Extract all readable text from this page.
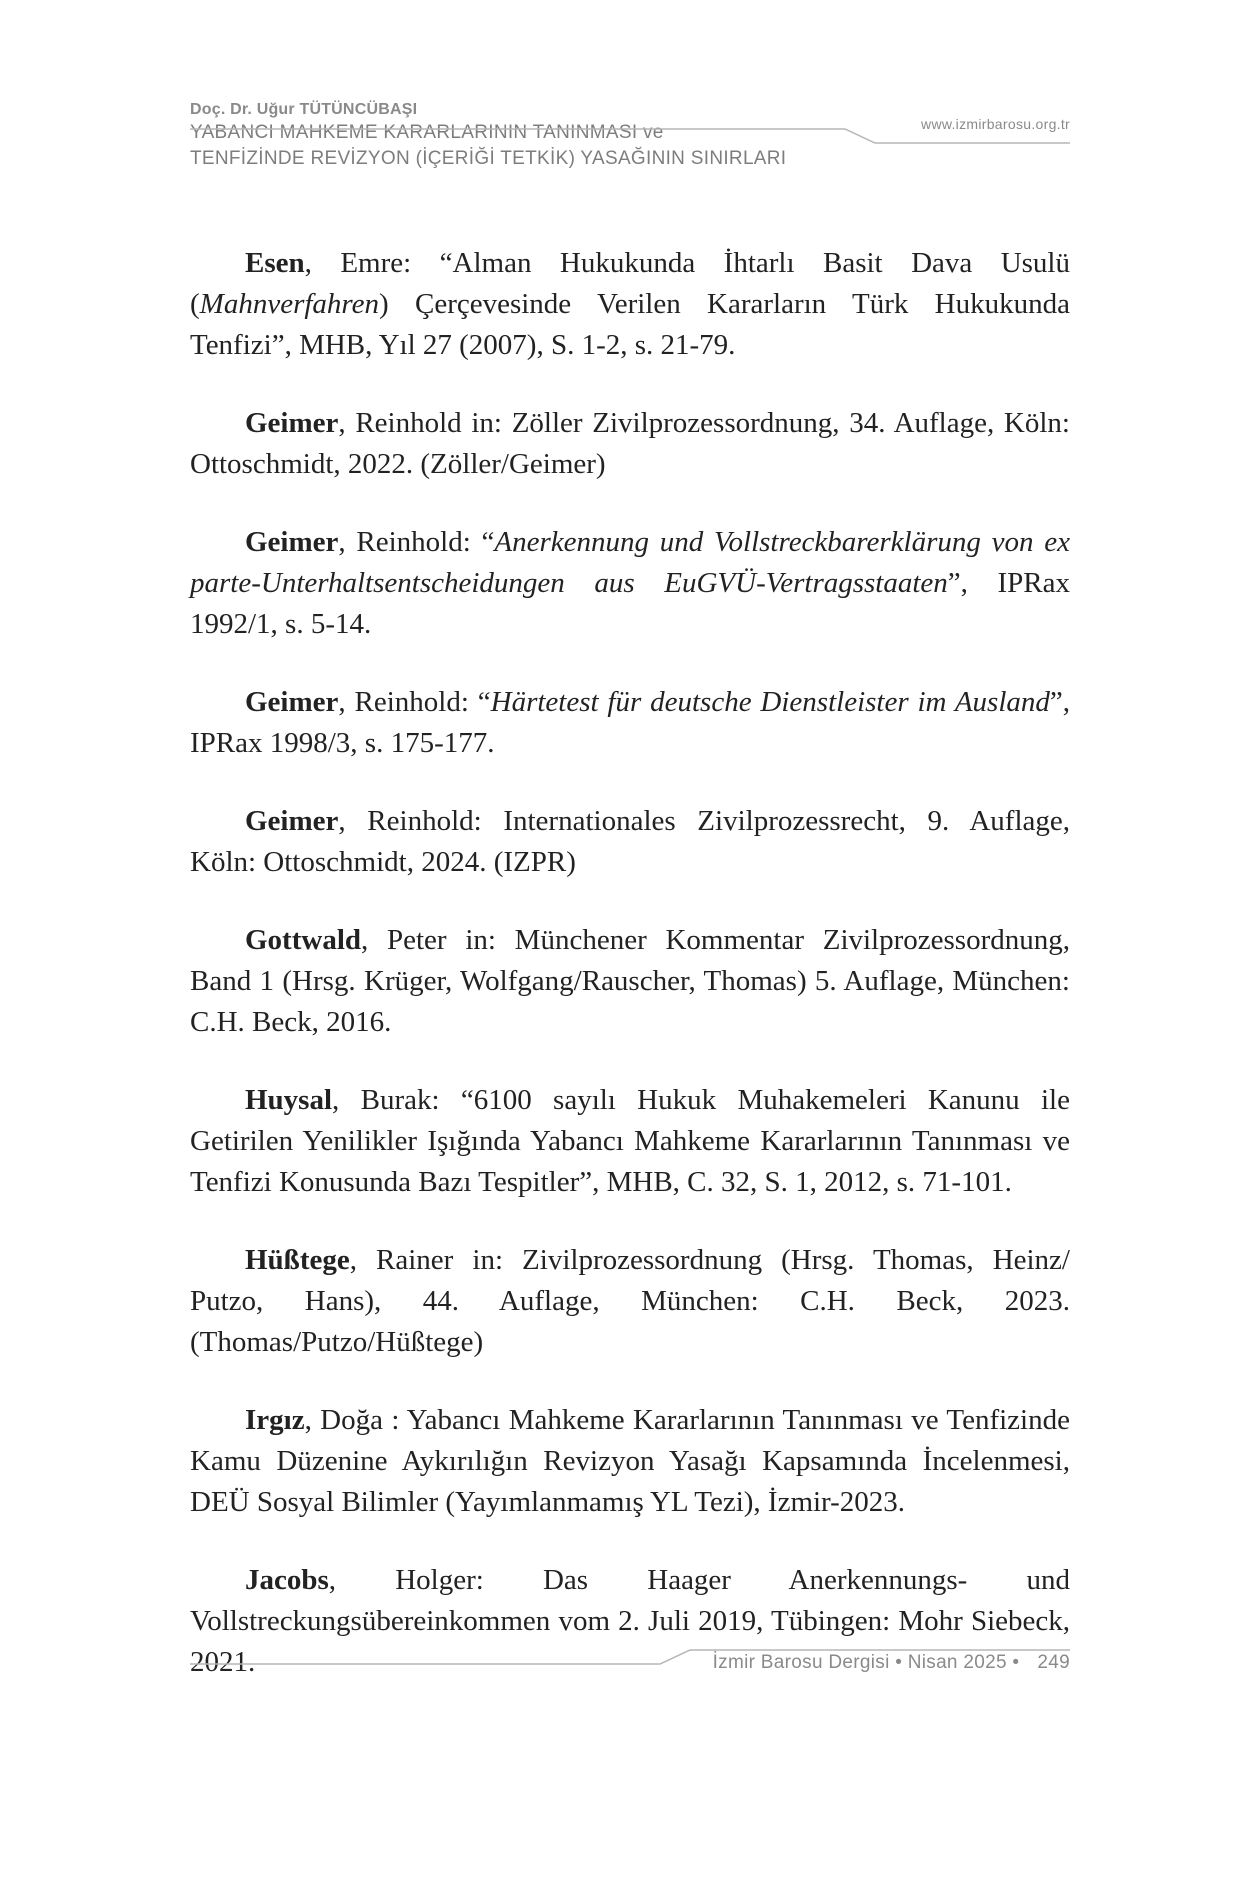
Doç. Dr. Uğur TÜTÜNCÜBAŞI
YABANCI MAHKEME KARARLARININ TANINMASI ve
TENFİZİNDE REVİZYON (İÇERİĞİ TETKİK) YASAĞININ SINIRLARI
www.izmirbarosu.org.tr

Esen, Emre: “Alman Hukukunda İhtarlı Basit Dava Usulü (Mahnverfahren) Çerçevesinde Verilen Kararların Türk Hukukunda Tenfizi”, MHB, Yıl 27 (2007), S. 1-2, s. 21-79.

Geimer, Reinhold in: Zöller Zivilprozessordnung, 34. Auflage, Köln: Ottoschmidt, 2022. (Zöller/Geimer)

Geimer, Reinhold: “Anerkennung und Vollstreckbarerklärung von ex parte-Unterhaltsentscheidungen aus EuGVÜ-Vertragsstaaten”, IPRax 1992/1, s. 5-14.

Geimer, Reinhold: “Härtetest für deutsche Dienstleister im Ausland”, IPRax 1998/3, s. 175-177.

Geimer, Reinhold: Internationales Zivilprozessrecht, 9. Auflage, Köln: Ottoschmidt, 2024. (IZPR)

Gottwald, Peter in: Münchener Kommentar Zivilprozessordnung, Band 1 (Hrsg. Krüger, Wolfgang/Rauscher, Thomas) 5. Auflage, München: C.H. Beck, 2016.

Huysal, Burak: “6100 sayılı Hukuk Muhakemeleri Kanunu ile Getirilen Yenilikler Işığında Yabancı Mahkeme Kararlarının Tanınması ve Tenfizi Konusunda Bazı Tespitler”, MHB, C. 32, S. 1, 2012, s. 71-101.

Hüßtege, Rainer in: Zivilprozessordnung (Hrsg. Thomas, Heinz/ Putzo, Hans), 44. Auflage, München: C.H. Beck, 2023. (Thomas/Putzo/Hüßtege)

Irgız, Doğa : Yabancı Mahkeme Kararlarının Tanınması ve Tenfizinde Kamu Düzenine Aykırılığın Revizyon Yasağı Kapsamında İncelenmesi, DEÜ Sosyal Bilimler (Yayımlanmamış YL Tezi), İzmir-2023.

Jacobs, Holger: Das Haager Anerkennungs- und Vollstreckungsübereinkommen vom 2. Juli 2019, Tübingen: Mohr Siebeck, 2021.	İzmir Barosu Dergisi • Nisan 2025 • 249
